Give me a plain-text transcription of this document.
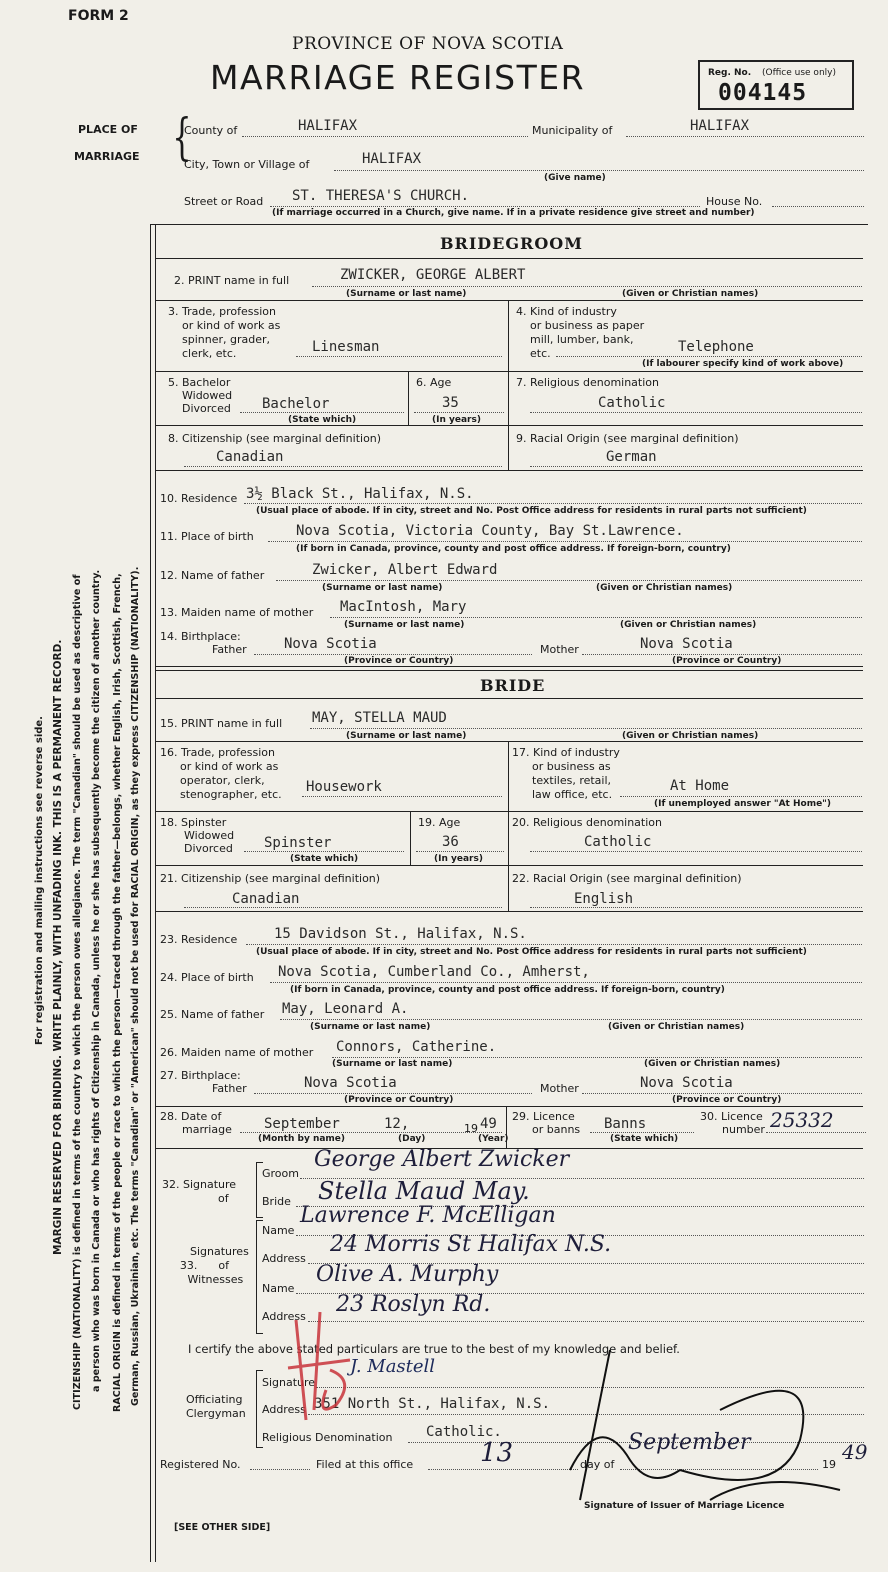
For registration and mailing instructions see reverse side. MARGIN RESERVED FOR BINDING. WRITE PLAINLY, WITH UNFADING INK. THIS IS A PERMANENT RECORD. CITIZENSHIP (NATIONALITY) is defined in terms of the country to which the person owes allegiance. The term "Canadian" should be used as descriptive of a person who was born in Canada or who has rights of Citizenship in Canada, unless he or she has subsequently become the citizen of another country. RACIAL ORIGIN is defined in terms of the people or race to which the person—traced through the father—belongs, whether English, Irish, Scottish, French, German, Russian, Ukrainian, etc. The terms "Canadian" or "American" should not be used for RACIAL ORIGIN, as they express CITIZENSHIP (NATIONALITY).
FORM 2
PROVINCE OF NOVA SCOTIA
MARRIAGE REGISTER	Reg. No. (Office use only)
004145
PLACE OF
MARRIAGE {
County of	HALIFAX	Municipality of	HALIFAX
City, Town or Village of	HALIFAX
(Give name)
Street or Road ST. THERESA'S CHURCH.	House No.
(If marriage occurred in a Church, give name. If in a private residence give street and number)
BRIDEGROOM
2. PRINT name in full	ZWICKER, GEORGE ALBERT
(Surname or last name)	(Given or Christian names)
3. Trade, profession
or kind of work as
spinner, grader,
clerk, etc.	Linesman
4. Kind of industry
or business as paper
mill, lumber, bank,
etc.	Telephone
(If labourer specify kind of work above)
5. Bachelor
Widowed
Divorced Bachelor
(State which)
6. Age
35
(In years)
7. Religious denomination
Catholic
8. Citizenship (see marginal definition)
Canadian
9. Racial Origin (see marginal definition)
German
10. Residence 3½ Black St., Halifax, N.S.
(Usual place of abode. If in city, street and No. Post Office address for residents in rural parts not sufficient)
11. Place of birth	Nova Scotia, Victoria County, Bay St.Lawrence.
(If born in Canada, province, county and post office address. If foreign-born, country)
12. Name of father	Zwicker, Albert Edward
(Surname or last name)	(Given or Christian names)
13. Maiden name of mother MacIntosh, Mary
(Surname or last name)	(Given or Christian names)
14. Birthplace:
Father	Nova Scotia	Mother	Nova Scotia
(Province or Country)	(Province or Country)
BRIDE
15. PRINT name in full MAY, STELLA MAUD
(Surname or last name)	(Given or Christian names)
16. Trade, profession
or kind of work as
operator, clerk,
stenographer, etc. Housework
17. Kind of industry
or business as
textiles, retail,
law office, etc.
At Home
(If unemployed answer "At Home")
18. Spinster
Widowed
Divorced Spinster
(State which)
19. Age
36
(In years)
20. Religious denomination
Catholic
21. Citizenship (see marginal definition)
Canadian
22. Racial Origin (see marginal definition)
English
23. Residence	15 Davidson St., Halifax, N.S.
(Usual place of abode. If in city, street and No. Post Office address for residents in rural parts not sufficient)
24. Place of birth Nova Scotia, Cumberland Co., Amherst,
(If born in Canada, province, county and post office address. If foreign-born, country)
25. Name of father May, Leonard A.
(Surname or last name)	(Given or Christian names)
26. Maiden name of mother Connors, Catherine.
(Surname or last name)	(Given or Christian names)
27. Birthplace:
Father	Nova Scotia	Mother	Nova Scotia
(Province or Country)	(Province or Country)
28. Date of
marriage September	12,	19 49
(Month by name)	(Day)	(Year)
29. Licence
or banns Banns
(State which)
30. Licence
number 25332
32. Signature
of
Groom
George Albert Zwicker
Bride Stella Maud May.
Signatures
33.      of
Witnesses
Name
Lawrence F. McElligan
Address
24 Morris St Halifax N.S.
Name
Olive A. Murphy
Address 23 Roslyn Rd.
I certify the above stated particulars are true to the best of my knowledge and belief.
Officiating
Clergyman
Signature
J. Mastell
Address 351 North St., Halifax, N.S.
Religious Denomination Catholic.
Registered No.	Filed at this office	13	day of
September
19
49
Signature of Issuer of Marriage Licence
[SEE OTHER SIDE]
